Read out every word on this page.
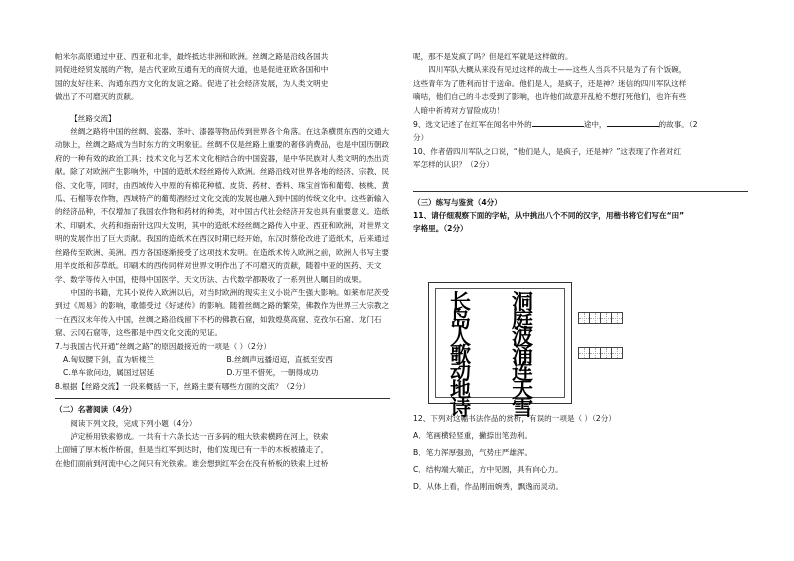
帕米尔高原通过中亚、西亚和北非，最终抵达非洲和欧洲。丝绸之路是沿线各国共

同促进经贸发展的产物，是古代亚欧互通有无的商贸大道，也是促进亚欧各国和中

国的友好往来、沟通东西方文化的友谊之路。促进了社会经济发展，为人类文明史

做出了不可磨灭的贡献。

【丝路交流】

丝绸之路将中国的丝绸、瓷器、茶叶、漆器等物品传到世界各个角落。在这条横贯东西的交通大动脉上，丝绸之路成为当时东方的文明象征。丝绸不仅是丝路上重要的奢侈消费品，也是中国历朝政府的一种有效的政治工具；技术文化与艺术文化相结合的中国瓷器，是中华民族对人类文明的杰出贡献。除了对欧洲产生影响外，中国的造纸术经丝路传入欧洲。丝路沿线对世界各地的经济、宗教、民俗、文化等，同时，由西域传入中原的有棉花种植、皮货、药材、香料、珠宝首饰和葡萄、核桃、黄瓜、石榴等农作物，西域特产的葡萄酒经过文化交流的发展也融入到中国的传统文化中。这些新输入的经济品种，不仅增加了我国农作物和药材的种类，对中国古代社会经济开发也具有重要意义。造纸术、印刷术、火药和指南针这四大发明，其中的造纸术经丝绸之路传入中亚、西亚和欧洲，对世界文明的发展作出了巨大贡献。我国的造纸术在西汉时期已经开始，东汉时蔡伦改进了造纸术，后来通过丝路传至欧洲、美洲。西方各国逐渐接受了这项技术发明。在造纸术传入欧洲之前，欧洲人书写主要用羊皮纸和莎草纸。印刷术的西传同样对世界文明作出了不可磨灭的贡献，随着中亚的医药、天文学、数学等传入中国，使得中国医学、天文历法、古代数学都吸收了一系列世人瞩目的成果。

中国的书籍，尤其小说传入欧洲以后，对当时欧洲的现实主义小说产生强大影响。如莱布尼茨受到过《周易》的影响，歌德受过《好逑传》的影响。随着丝绸之路的繁荣，佛教作为世界三大宗教之一在西汉末年传入中国，丝绸之路沿线留下不朽的佛教石窟，如敦煌莫高窟、克孜尔石窟、龙门石窟、云冈石窟等，这些都是中西文化交流的见证。

7.与我国古代开通“丝绸之路”的原因最接近的一项是（ ）（2分）

A.匈奴腰下剑，直为斩楼兰	B.丝绸声远播迢迢，直抵至安西
C.单车欲问边，属国过居延	D.万里不惜死，一朝得成功

8.根据【丝路交流】一段来概括一下，丝路主要有哪些方面的交流？（2分）

（二）名著阅读（4分）

阅读下列文段，完成下列小题（4分）

泸定桥用铁索修成。一共有十六条长达一百多码的粗大铁索横跨在河上，铁索

上面铺了厚木板作桥面，但是当红军到达时，他们发现已有一半的木板被撬走了，

在他们面前到河流中心之间只有光铁索。谁会想到红军会在没有桥板的铁索上过桥

呢，那不是发疯了吗？但是红军就是这样做的。

四川军队大概从来没有见过这样的战士——这些人当兵不只是为了有个饭碗，

这些青年为了胜利而甘于送命。他们是人，是疯子，还是神？迷信的四川军队这样

嘀咕，他们自己的斗志受到了影响，也许他们故意开乱枪不想打死他们，也许有些

人暗中祈祷对方冒险成功！

9、选文记述了在红军在闻名中外的	途中，	的故事。（2

分）

10、作者借四川军队之口说，“他们是人，是疯子，还是神？”这表现了作者对红

军怎样的认识？（2分）

（三）练写与鉴赏（4分）

11、请仔细观察下面的字帖，从中挑出八个不同的汉字，用楷书将它们写在“田”

字格里。（2分）

长
岛
人
歌
动
地
诗
洞
庭
波
涌
连
天
雪

12、下列对这幅书法作品的赏析，有误的一项是（ ）（2分）

A．笔画横轻竖重，撇捺出笔劲利。

B．笔力浑厚强劲，气势庄严雄浑。

C．结构端大端正，方中见圆，具有向心力。

D．从体上看，作品刚而婉秀，飘逸而灵动。
